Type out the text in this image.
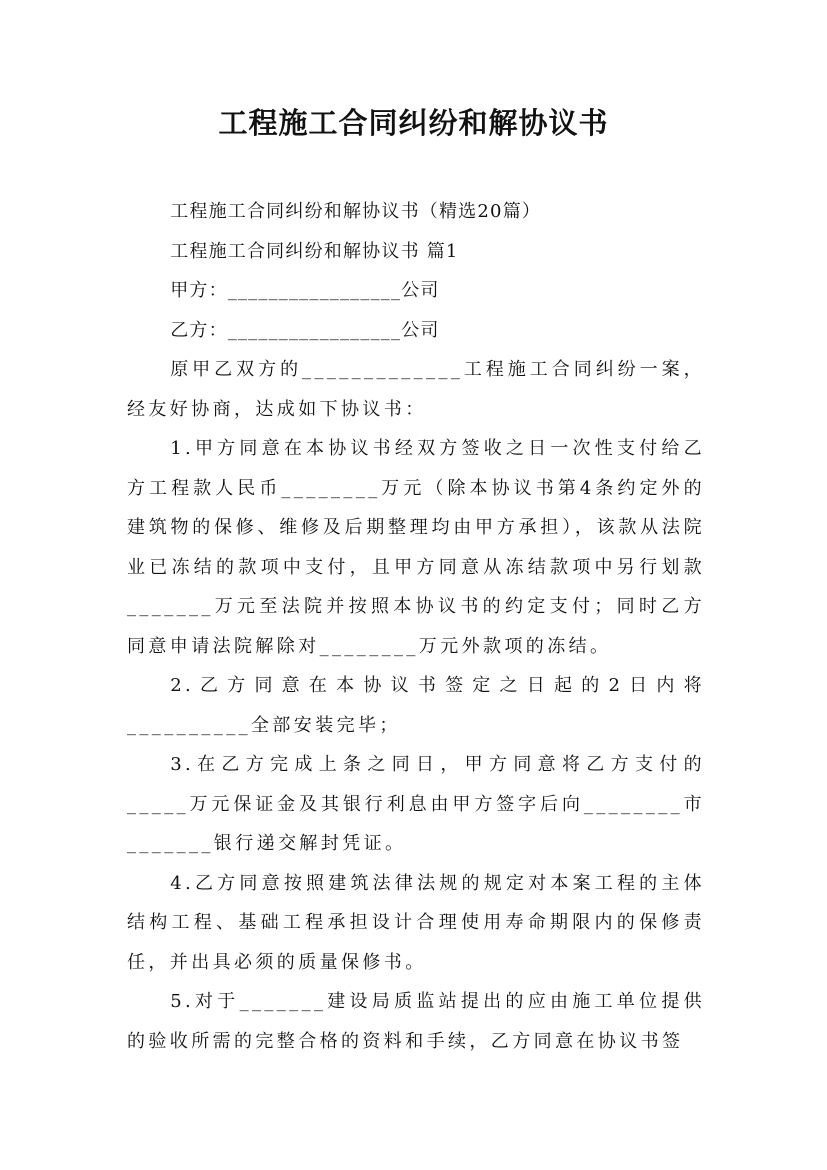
工程施工合同纠纷和解协议书

工程施工合同纠纷和解协议书（精选20篇）

工程施工合同纠纷和解协议书 篇1

甲方：_________________公司

乙方：_________________公司

原甲乙双方的_____________工程施工合同纠纷一案，经友好协商，达成如下协议书：

1.甲方同意在本协议书经双方签收之日一次性支付给乙方工程款人民币________万元（除本协议书第4条约定外的建筑物的保修、维修及后期整理均由甲方承担），该款从法院业已冻结的款项中支付，且甲方同意从冻结款项中另行划款_______万元至法院并按照本协议书的约定支付；同时乙方同意申请法院解除对________万元外款项的冻结。

2.乙方同意在本协议书签定之日起的2日内将__________全部安装完毕；

3.在乙方完成上条之同日，甲方同意将乙方支付的_____万元保证金及其银行利息由甲方签字后向________市_______银行递交解封凭证。

4.乙方同意按照建筑法律法规的规定对本案工程的主体结构工程、基础工程承担设计合理使用寿命期限内的保修责任，并出具必须的质量保修书。

5.对于_______建设局质监站提出的应由施工单位提供的验收所需的完整合格的资料和手续，乙方同意在协议书签
